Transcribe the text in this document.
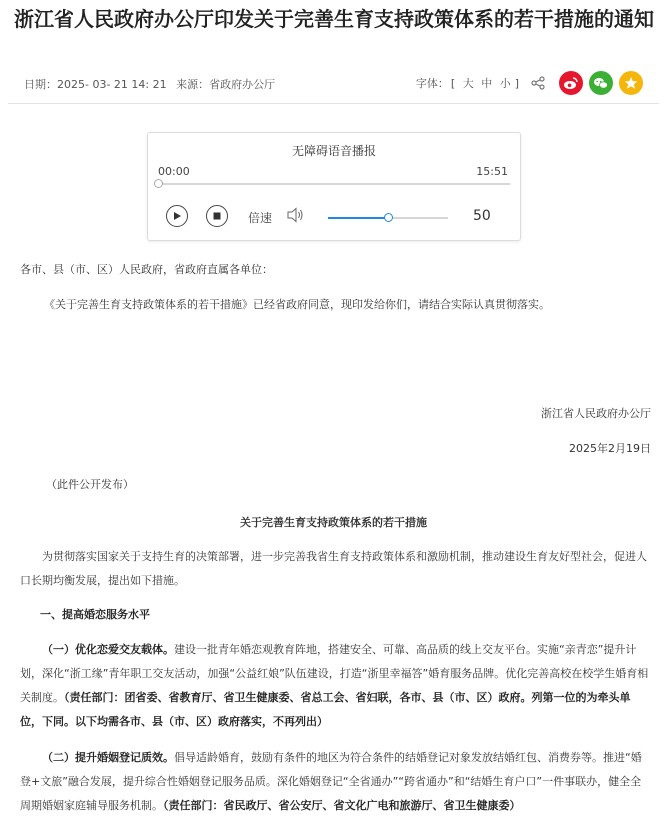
浙江省人民政府办公厅印发关于完善生育支持政策体系的若干措施的通知
日期：2025- 03- 21 14: 21 来源：省政府办公厅	字体： [ 大 中 小 ]
无障碍语音播报
00:00	15:51
倍速	50
各市、县（市、区）人民政府，省政府直属各单位：
《关于完善生育支持政策体系的若干措施》已经省政府同意，现印发给你们，请结合实际认真贯彻落实。
浙江省人民政府办公厅
2025年2月19日
（此件公开发布）
关于完善生育支持政策体系的若干措施
为贯彻落实国家关于支持生育的决策部署，进一步完善我省生育支持政策体系和激励机制，推动建设生育友好型社会，促进人口长期均衡发展，提出如下措施。
一、提高婚恋服务水平
（一）优化恋爱交友载体。建设一批青年婚恋观教育阵地，搭建安全、可靠、高品质的线上交友平台。实施“亲青恋”提升计划，深化“浙工缘”青年职工交友活动，加强“公益红娘”队伍建设，打造“浙里幸福答”婚育服务品牌。优化完善高校在校学生婚育相关制度。（责任部门：团省委、省教育厅、省卫生健康委、省总工会、省妇联，各市、县（市、区）政府。列第一位的为牵头单位，下同。以下均需各市、县（市、区）政府落实，不再列出）
（二）提升婚姻登记质效。倡导适龄婚育，鼓励有条件的地区为符合条件的结婚登记对象发放结婚红包、消费券等。推进“婚登+文旅”融合发展，提升综合性婚姻登记服务品质。深化婚姻登记“全省通办”“跨省通办”和“结婚生育户口”一件事联办，健全全周期婚姻家庭辅导服务机制。（责任部门：省民政厅、省公安厅、省文化广电和旅游厅、省卫生健康委）
